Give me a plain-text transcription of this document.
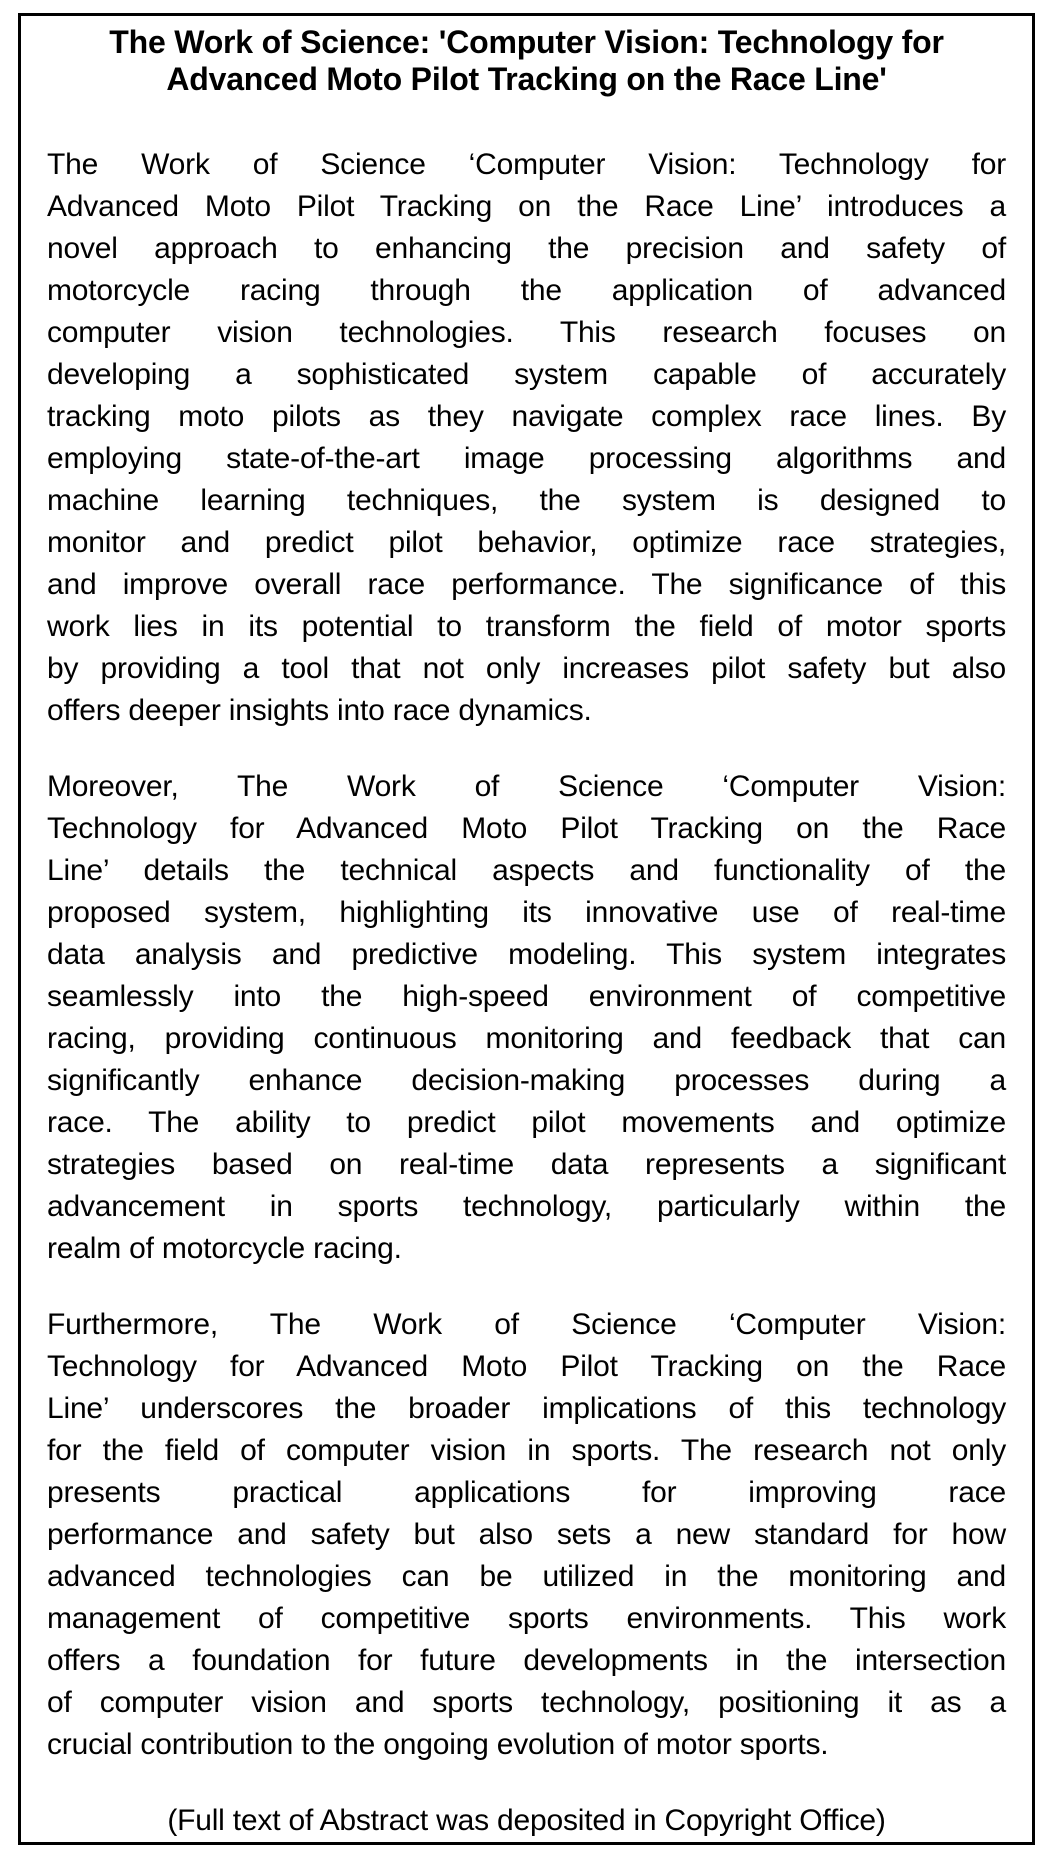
The Work of Science: 'Computer Vision: Technology for
Advanced Moto Pilot Tracking on the Race Line'
The Work of Science ‘Computer Vision: Technology for
Advanced Moto Pilot Tracking on the Race Line’ introduces a
novel approach to enhancing the precision and safety of
motorcycle racing through the application of advanced
computer vision technologies. This research focuses on
developing a sophisticated system capable of accurately
tracking moto pilots as they navigate complex race lines. By
employing state-of-the-art image processing algorithms and
machine learning techniques, the system is designed to
monitor and predict pilot behavior, optimize race strategies,
and improve overall race performance. The significance of this
work lies in its potential to transform the field of motor sports
by providing a tool that not only increases pilot safety but also
offers deeper insights into race dynamics.
Moreover, The Work of Science ‘Computer Vision:
Technology for Advanced Moto Pilot Tracking on the Race
Line’ details the technical aspects and functionality of the
proposed system, highlighting its innovative use of real-time
data analysis and predictive modeling. This system integrates
seamlessly into the high-speed environment of competitive
racing, providing continuous monitoring and feedback that can
significantly enhance decision-making processes during a
race. The ability to predict pilot movements and optimize
strategies based on real-time data represents a significant
advancement in sports technology, particularly within the
realm of motorcycle racing.
Furthermore, The Work of Science ‘Computer Vision:
Technology for Advanced Moto Pilot Tracking on the Race
Line’ underscores the broader implications of this technology
for the field of computer vision in sports. The research not only
presents practical applications for improving race
performance and safety but also sets a new standard for how
advanced technologies can be utilized in the monitoring and
management of competitive sports environments. This work
offers a foundation for future developments in the intersection
of computer vision and sports technology, positioning it as a
crucial contribution to the ongoing evolution of motor sports.
(Full text of Abstract was deposited in Copyright Office)
